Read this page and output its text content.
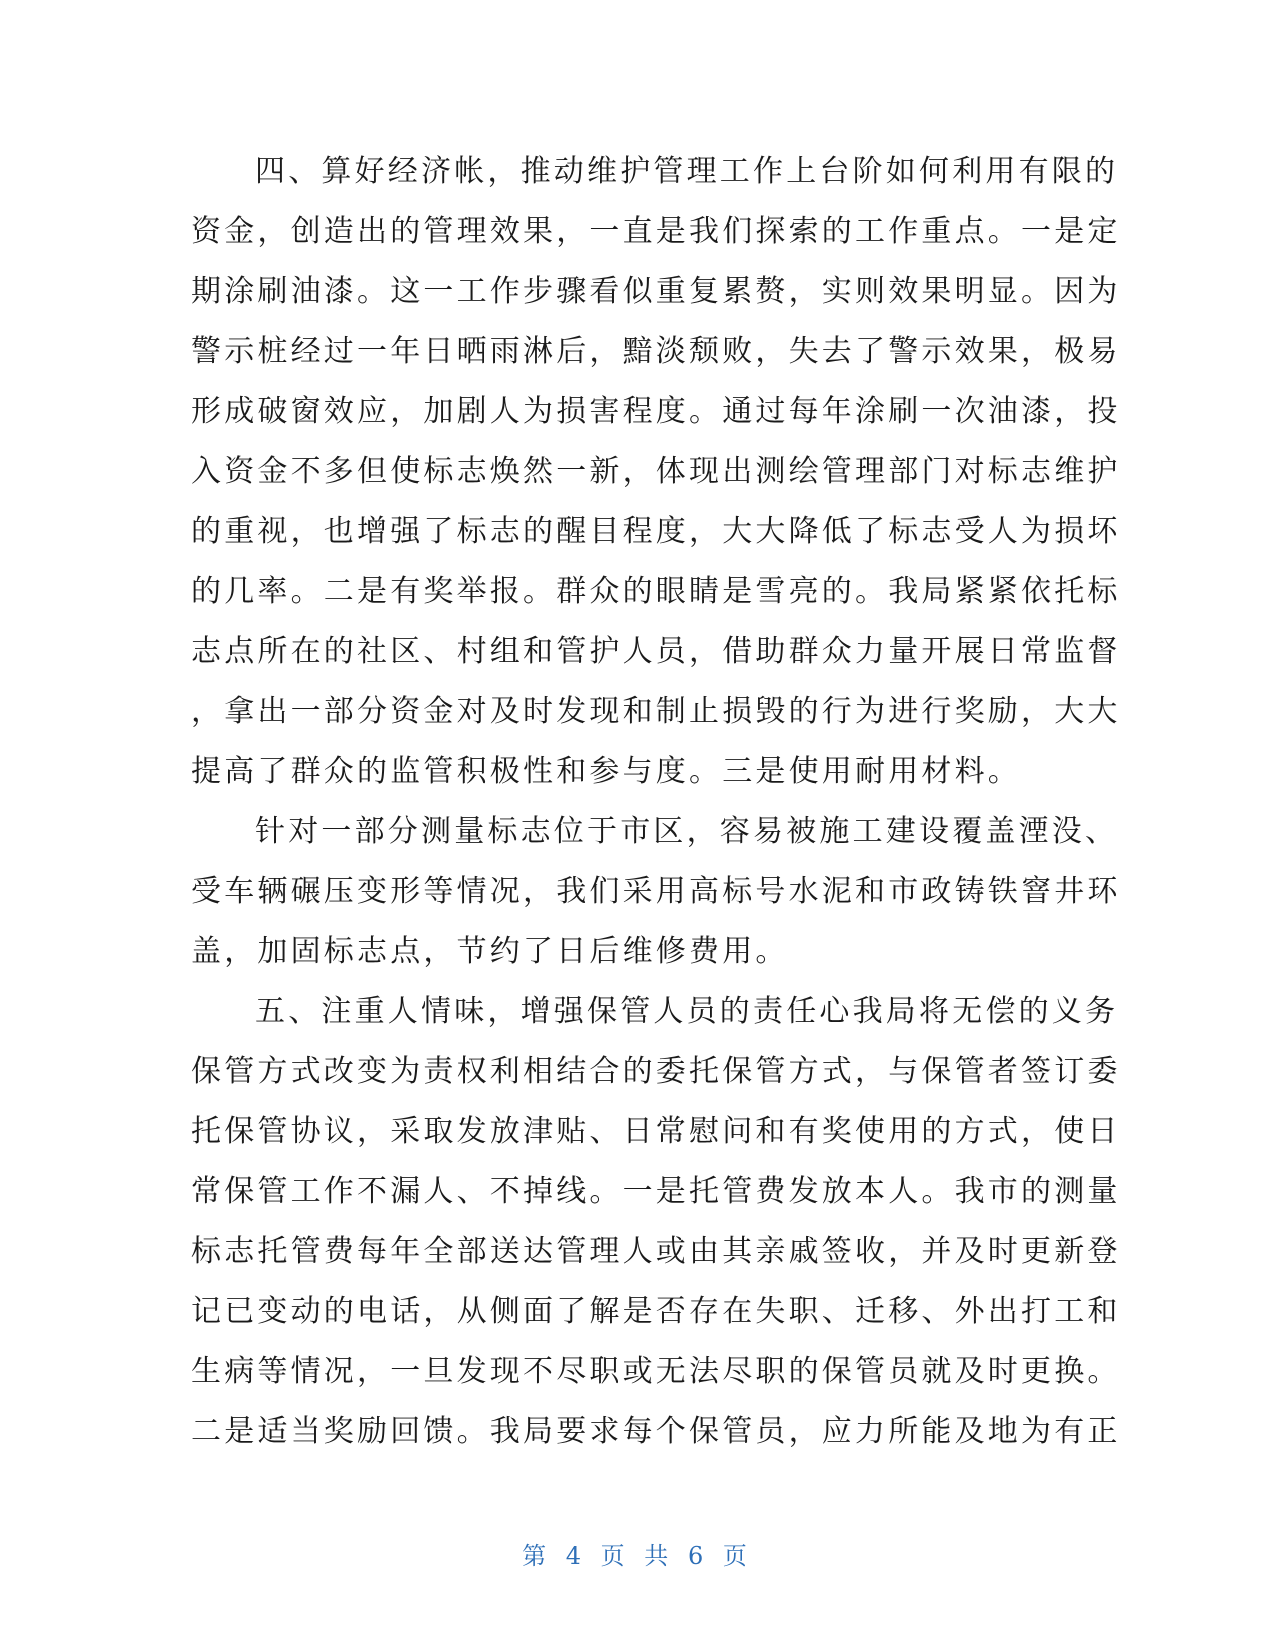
四、算好经济帐，推动维护管理工作上台阶如何利用有限的
资金，创造出的管理效果，一直是我们探索的工作重点。一是定
期涂刷油漆。这一工作步骤看似重复累赘，实则效果明显。因为
警示桩经过一年日晒雨淋后，黯淡颓败，失去了警示效果，极易
形成破窗效应，加剧人为损害程度。通过每年涂刷一次油漆，投
入资金不多但使标志焕然一新，体现出测绘管理部门对标志维护
的重视，也增强了标志的醒目程度，大大降低了标志受人为损坏
的几率。二是有奖举报。群众的眼睛是雪亮的。我局紧紧依托标
志点所在的社区、村组和管护人员，借助群众力量开展日常监督
，拿出一部分资金对及时发现和制止损毁的行为进行奖励，大大
提高了群众的监管积极性和参与度。三是使用耐用材料。
针对一部分测量标志位于市区，容易被施工建设覆盖湮没、
受车辆碾压变形等情况，我们采用高标号水泥和市政铸铁窨井环
盖，加固标志点，节约了日后维修费用。
五、注重人情味，增强保管人员的责任心我局将无偿的义务
保管方式改变为责权利相结合的委托保管方式，与保管者签订委
托保管协议，采取发放津贴、日常慰问和有奖使用的方式，使日
常保管工作不漏人、不掉线。一是托管费发放本人。我市的测量
标志托管费每年全部送达管理人或由其亲戚签收，并及时更新登
记已变动的电话，从侧面了解是否存在失职、迁移、外出打工和
生病等情况，一旦发现不尽职或无法尽职的保管员就及时更换。
二是适当奖励回馈。我局要求每个保管员，应力所能及地为有正
第 4 页 共 6 页
